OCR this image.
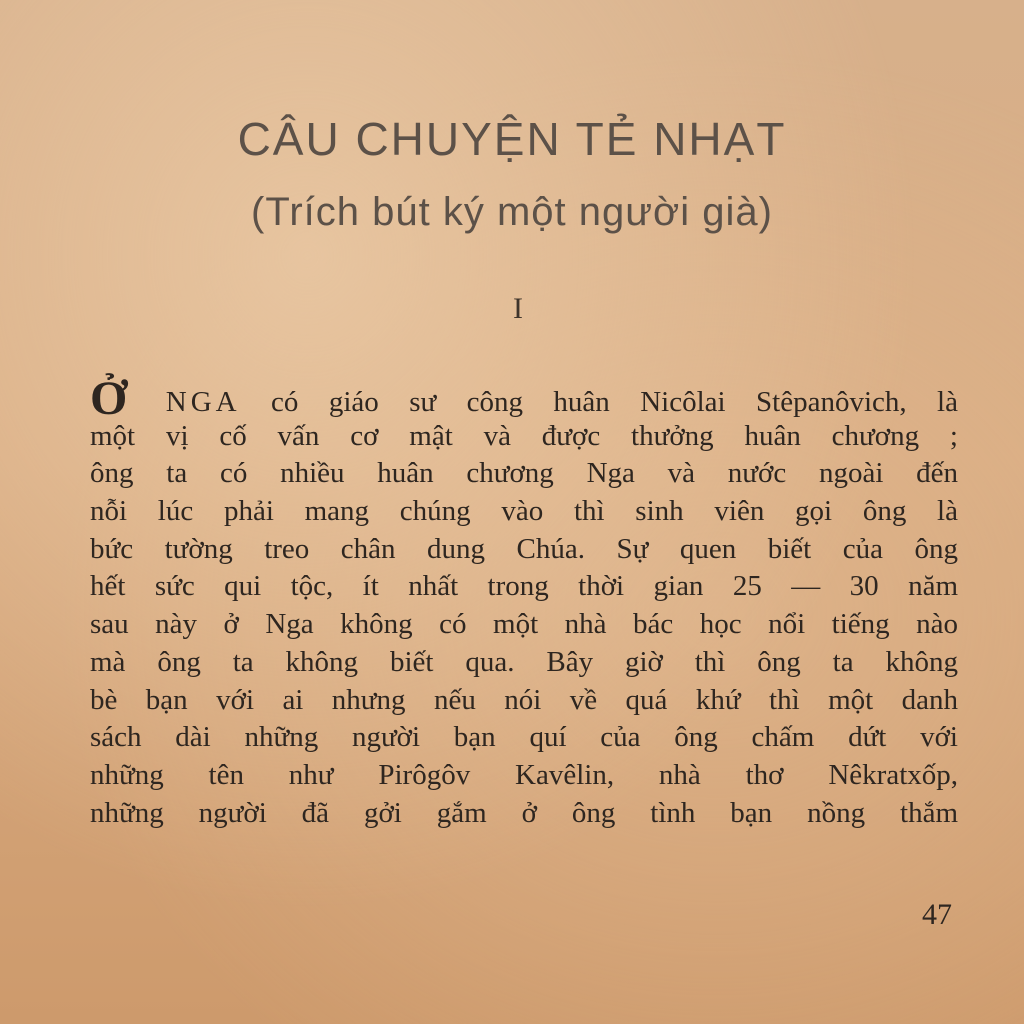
CÂU CHUYỆN TẺ NHẠT
(Trích bút ký một người già)
I
Ở NGA có giáo sư công huân Nicôlai Stêpanôvich, là
một vị cố vấn cơ mật và được thưởng huân chương ;
ông ta có nhiều huân chương Nga và nước ngoài đến
nỗi lúc phải mang chúng vào thì sinh viên gọi ông là
bức tường treo chân dung Chúa. Sự quen biết của ông
hết sức qui tộc, ít nhất trong thời gian 25 — 30 năm
sau này ở Nga không có một nhà bác học nổi tiếng nào
mà ông ta không biết qua. Bây giờ thì ông ta không
bè bạn với ai nhưng nếu nói về quá khứ thì một danh
sách dài những người bạn quí của ông chấm dứt với
những tên như Pirôgôv Kavêlin, nhà thơ Nêkratxốp,
những người đã gởi gắm ở ông tình bạn nồng thắm
47
